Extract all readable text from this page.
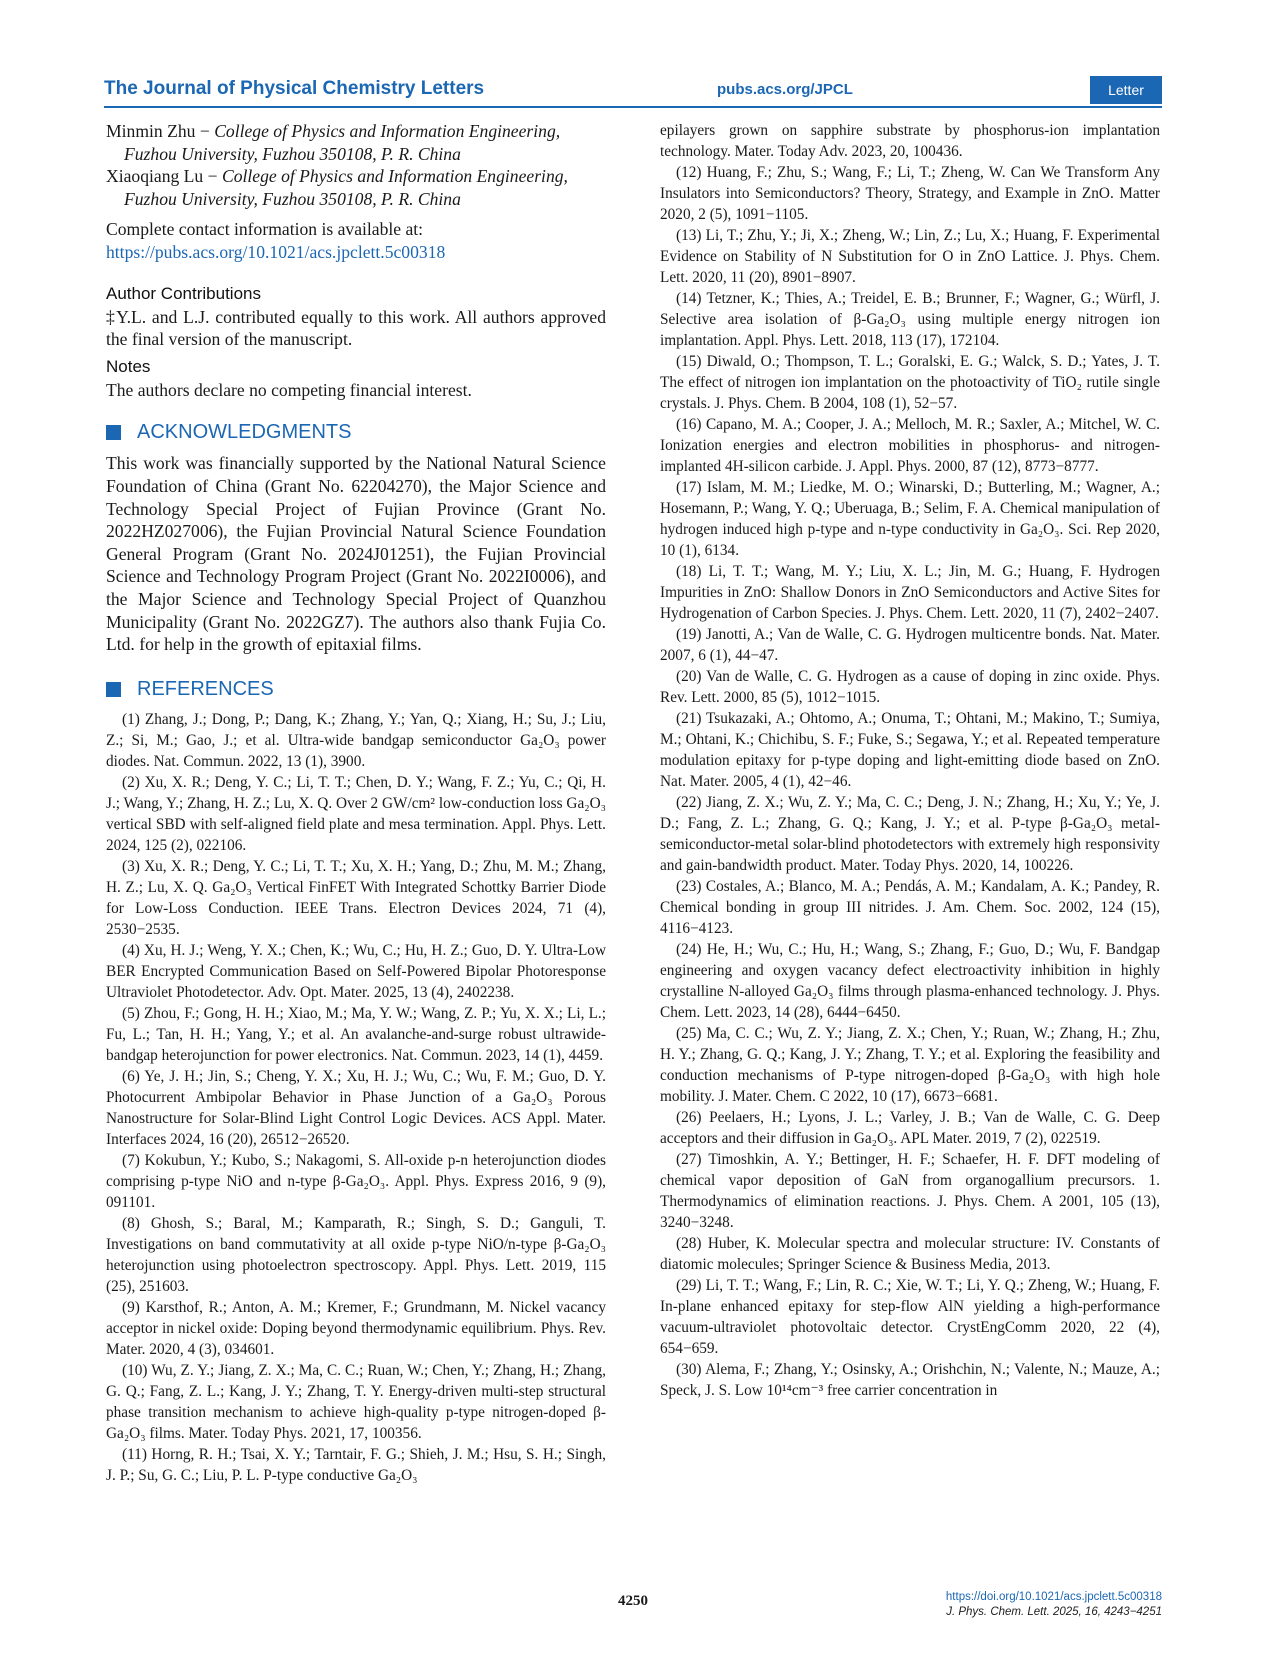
The Journal of Physical Chemistry Letters	pubs.acs.org/JPCL	Letter
Minmin Zhu − College of Physics and Information Engineering, Fuzhou University, Fuzhou 350108, P. R. China
Xiaoqiang Lu − College of Physics and Information Engineering, Fuzhou University, Fuzhou 350108, P. R. China

Complete contact information is available at:

https://pubs.acs.org/10.1021/acs.jpclett.5c00318

Author Contributions

‡Y.L. and L.J. contributed equally to this work. All authors approved the final version of the manuscript.

Notes

The authors declare no competing financial interest.

ACKNOWLEDGMENTS

This work was financially supported by the National Natural Science Foundation of China (Grant No. 62204270), the Major Science and Technology Special Project of Fujian Province (Grant No. 2022HZ027006), the Fujian Provincial Natural Science Foundation General Program (Grant No. 2024J01251), the Fujian Provincial Science and Technology Program Project (Grant No. 2022I0006), and the Major Science and Technology Special Project of Quanzhou Municipality (Grant No. 2022GZ7). The authors also thank Fujia Co. Ltd. for help in the growth of epitaxial films.

REFERENCES

(1) Zhang, J.; Dong, P.; Dang, K.; Zhang, Y.; Yan, Q.; Xiang, H.; Su, J.; Liu, Z.; Si, M.; Gao, J.; et al. Ultra-wide bandgap semiconductor Ga₂O₃ power diodes. Nat. Commun. 2022, 13 (1), 3900.

(2) Xu, X. R.; Deng, Y. C.; Li, T. T.; Chen, D. Y.; Wang, F. Z.; Yu, C.; Qi, H. J.; Wang, Y.; Zhang, H. Z.; Lu, X. Q. Over 2 GW/cm² low-conduction loss Ga₂O₃ vertical SBD with self-aligned field plate and mesa termination. Appl. Phys. Lett. 2024, 125 (2), 022106.

(3) Xu, X. R.; Deng, Y. C.; Li, T. T.; Xu, X. H.; Yang, D.; Zhu, M. M.; Zhang, H. Z.; Lu, X. Q. Ga₂O₃ Vertical FinFET With Integrated Schottky Barrier Diode for Low-Loss Conduction. IEEE Trans. Electron Devices 2024, 71 (4), 2530−2535.

(4) Xu, H. J.; Weng, Y. X.; Chen, K.; Wu, C.; Hu, H. Z.; Guo, D. Y. Ultra-Low BER Encrypted Communication Based on Self-Powered Bipolar Photoresponse Ultraviolet Photodetector. Adv. Opt. Mater. 2025, 13 (4), 2402238.

(5) Zhou, F.; Gong, H. H.; Xiao, M.; Ma, Y. W.; Wang, Z. P.; Yu, X. X.; Li, L.; Fu, L.; Tan, H. H.; Yang, Y.; et al. An avalanche-and-surge robust ultrawide-bandgap heterojunction for power electronics. Nat. Commun. 2023, 14 (1), 4459.

(6) Ye, J. H.; Jin, S.; Cheng, Y. X.; Xu, H. J.; Wu, C.; Wu, F. M.; Guo, D. Y. Photocurrent Ambipolar Behavior in Phase Junction of a Ga₂O₃ Porous Nanostructure for Solar-Blind Light Control Logic Devices. ACS Appl. Mater. Interfaces 2024, 16 (20), 26512−26520.

(7) Kokubun, Y.; Kubo, S.; Nakagomi, S. All-oxide p-n heterojunction diodes comprising p-type NiO and n-type β-Ga₂O₃. Appl. Phys. Express 2016, 9 (9), 091101.

(8) Ghosh, S.; Baral, M.; Kamparath, R.; Singh, S. D.; Ganguli, T. Investigations on band commutativity at all oxide p-type NiO/n-type β-Ga₂O₃ heterojunction using photoelectron spectroscopy. Appl. Phys. Lett. 2019, 115 (25), 251603.

(9) Karsthof, R.; Anton, A. M.; Kremer, F.; Grundmann, M. Nickel vacancy acceptor in nickel oxide: Doping beyond thermodynamic equilibrium. Phys. Rev. Mater. 2020, 4 (3), 034601.

(10) Wu, Z. Y.; Jiang, Z. X.; Ma, C. C.; Ruan, W.; Chen, Y.; Zhang, H.; Zhang, G. Q.; Fang, Z. L.; Kang, J. Y.; Zhang, T. Y. Energy-driven multi-step structural phase transition mechanism to achieve high-quality p-type nitrogen-doped β-Ga₂O₃ films. Mater. Today Phys. 2021, 17, 100356.

(11) Horng, R. H.; Tsai, X. Y.; Tarntair, F. G.; Shieh, J. M.; Hsu, S. H.; Singh, J. P.; Su, G. C.; Liu, P. L. P-type conductive Ga₂O₃

epilayers grown on sapphire substrate by phosphorus-ion implantation technology. Mater. Today Adv. 2023, 20, 100436.

(12) Huang, F.; Zhu, S.; Wang, F.; Li, T.; Zheng, W. Can We Transform Any Insulators into Semiconductors? Theory, Strategy, and Example in ZnO. Matter 2020, 2 (5), 1091−1105.

(13) Li, T.; Zhu, Y.; Ji, X.; Zheng, W.; Lin, Z.; Lu, X.; Huang, F. Experimental Evidence on Stability of N Substitution for O in ZnO Lattice. J. Phys. Chem. Lett. 2020, 11 (20), 8901−8907.

(14) Tetzner, K.; Thies, A.; Treidel, E. B.; Brunner, F.; Wagner, G.; Würfl, J. Selective area isolation of β-Ga₂O₃ using multiple energy nitrogen ion implantation. Appl. Phys. Lett. 2018, 113 (17), 172104.

(15) Diwald, O.; Thompson, T. L.; Goralski, E. G.; Walck, S. D.; Yates, J. T. The effect of nitrogen ion implantation on the photoactivity of TiO₂ rutile single crystals. J. Phys. Chem. B 2004, 108 (1), 52−57.

(16) Capano, M. A.; Cooper, J. A.; Melloch, M. R.; Saxler, A.; Mitchel, W. C. Ionization energies and electron mobilities in phosphorus- and nitrogen-implanted 4H-silicon carbide. J. Appl. Phys. 2000, 87 (12), 8773−8777.

(17) Islam, M. M.; Liedke, M. O.; Winarski, D.; Butterling, M.; Wagner, A.; Hosemann, P.; Wang, Y. Q.; Uberuaga, B.; Selim, F. A. Chemical manipulation of hydrogen induced high p-type and n-type conductivity in Ga₂O₃. Sci. Rep 2020, 10 (1), 6134.

(18) Li, T. T.; Wang, M. Y.; Liu, X. L.; Jin, M. G.; Huang, F. Hydrogen Impurities in ZnO: Shallow Donors in ZnO Semiconductors and Active Sites for Hydrogenation of Carbon Species. J. Phys. Chem. Lett. 2020, 11 (7), 2402−2407.

(19) Janotti, A.; Van de Walle, C. G. Hydrogen multicentre bonds. Nat. Mater. 2007, 6 (1), 44−47.

(20) Van de Walle, C. G. Hydrogen as a cause of doping in zinc oxide. Phys. Rev. Lett. 2000, 85 (5), 1012−1015.

(21) Tsukazaki, A.; Ohtomo, A.; Onuma, T.; Ohtani, M.; Makino, T.; Sumiya, M.; Ohtani, K.; Chichibu, S. F.; Fuke, S.; Segawa, Y.; et al. Repeated temperature modulation epitaxy for p-type doping and light-emitting diode based on ZnO. Nat. Mater. 2005, 4 (1), 42−46.

(22) Jiang, Z. X.; Wu, Z. Y.; Ma, C. C.; Deng, J. N.; Zhang, H.; Xu, Y.; Ye, J. D.; Fang, Z. L.; Zhang, G. Q.; Kang, J. Y.; et al. P-type β-Ga₂O₃ metal-semiconductor-metal solar-blind photodetectors with extremely high responsivity and gain-bandwidth product. Mater. Today Phys. 2020, 14, 100226.

(23) Costales, A.; Blanco, M. A.; Pendás, A. M.; Kandalam, A. K.; Pandey, R. Chemical bonding in group III nitrides. J. Am. Chem. Soc. 2002, 124 (15), 4116−4123.

(24) He, H.; Wu, C.; Hu, H.; Wang, S.; Zhang, F.; Guo, D.; Wu, F. Bandgap engineering and oxygen vacancy defect electroactivity inhibition in highly crystalline N-alloyed Ga₂O₃ films through plasma-enhanced technology. J. Phys. Chem. Lett. 2023, 14 (28), 6444−6450.

(25) Ma, C. C.; Wu, Z. Y.; Jiang, Z. X.; Chen, Y.; Ruan, W.; Zhang, H.; Zhu, H. Y.; Zhang, G. Q.; Kang, J. Y.; Zhang, T. Y.; et al. Exploring the feasibility and conduction mechanisms of P-type nitrogen-doped β-Ga₂O₃ with high hole mobility. J. Mater. Chem. C 2022, 10 (17), 6673−6681.

(26) Peelaers, H.; Lyons, J. L.; Varley, J. B.; Van de Walle, C. G. Deep acceptors and their diffusion in Ga₂O₃. APL Mater. 2019, 7 (2), 022519.

(27) Timoshkin, A. Y.; Bettinger, H. F.; Schaefer, H. F. DFT modeling of chemical vapor deposition of GaN from organogallium precursors. 1. Thermodynamics of elimination reactions. J. Phys. Chem. A 2001, 105 (13), 3240−3248.

(28) Huber, K. Molecular spectra and molecular structure: IV. Constants of diatomic molecules; Springer Science & Business Media, 2013.

(29) Li, T. T.; Wang, F.; Lin, R. C.; Xie, W. T.; Li, Y. Q.; Zheng, W.; Huang, F. In-plane enhanced epitaxy for step-flow AlN yielding a high-performance vacuum-ultraviolet photovoltaic detector. CrystEngComm 2020, 22 (4), 654−659.

(30) Alema, F.; Zhang, Y.; Osinsky, A.; Orishchin, N.; Valente, N.; Mauze, A.; Speck, J. S. Low 10¹⁴cm⁻³ free carrier concentration in

4250	https://doi.org/10.1021/acs.jpclett.5c00318
J. Phys. Chem. Lett. 2025, 16, 4243−4251
